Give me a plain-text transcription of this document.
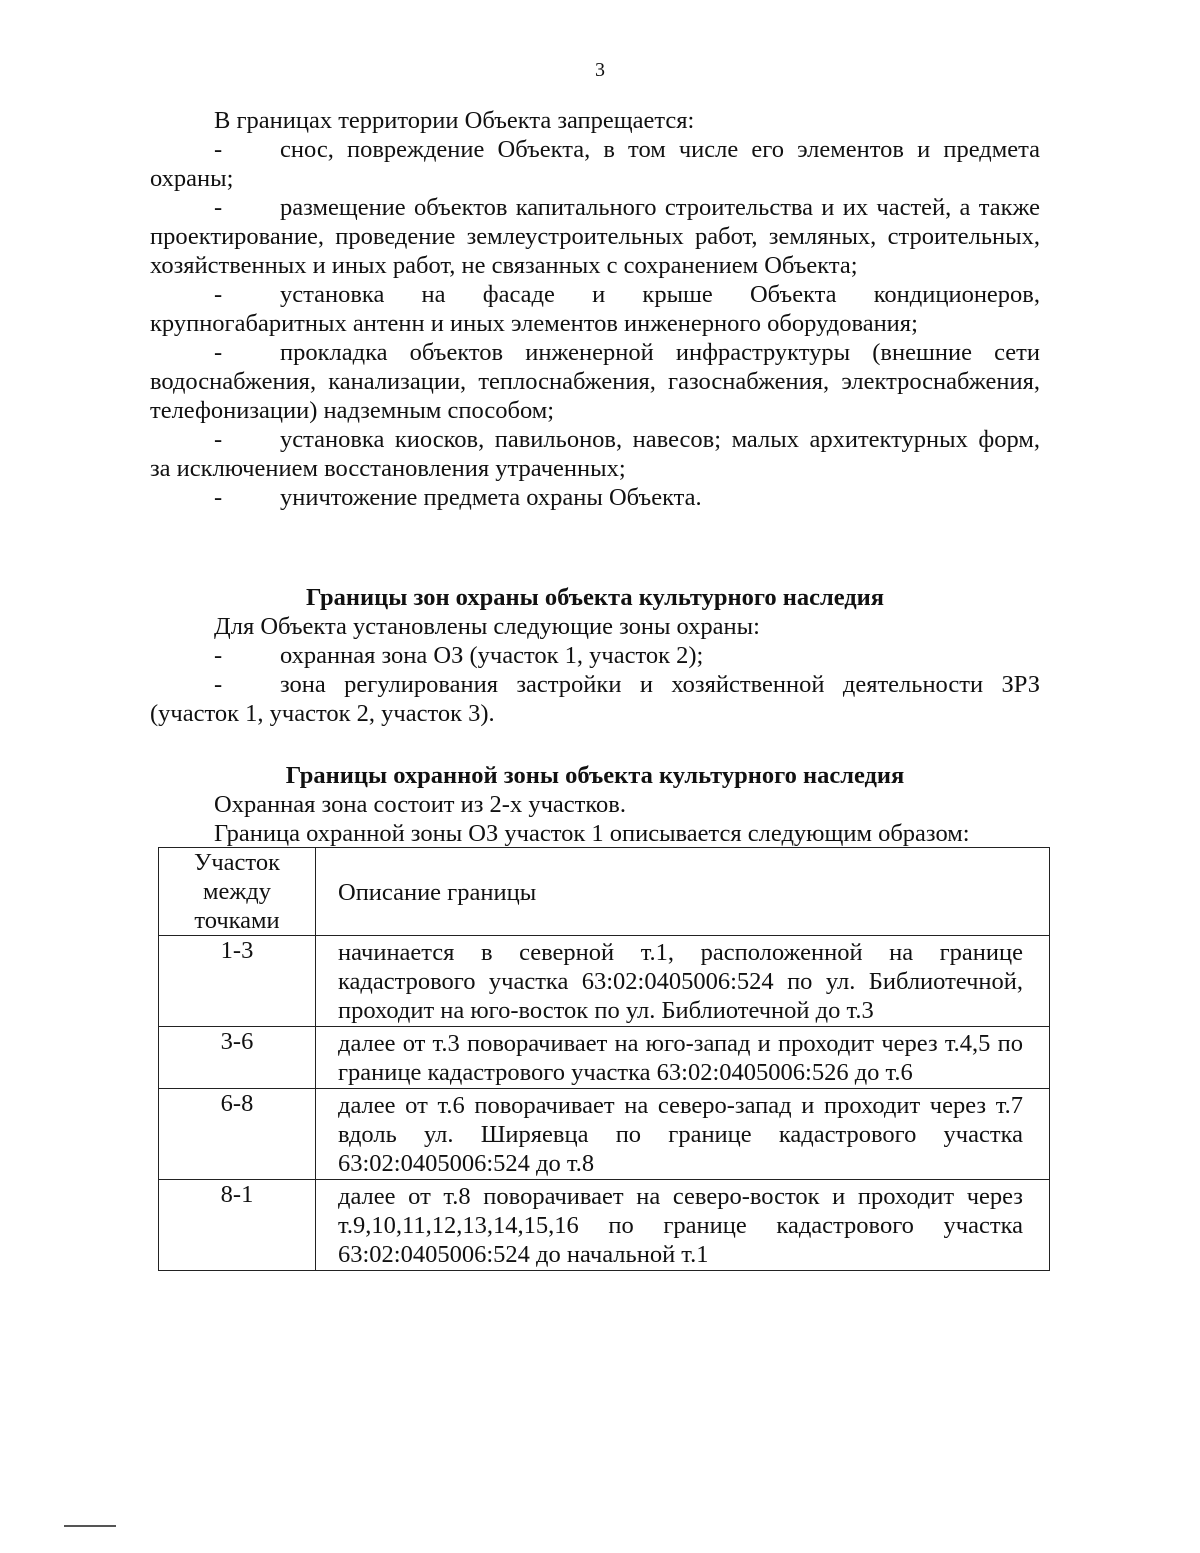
3

В границах территории Объекта запрещается:

- снос, повреждение Объекта, в том числе его элементов и предмета охраны;

- размещение объектов капитального строительства и их частей, а также проектирование, проведение землеустроительных работ, земляных, строительных, хозяйственных и иных работ, не связанных с сохранением Объекта;

- установка на фасаде и крыше Объекта кондиционеров, крупногабаритных антенн и иных элементов инженерного оборудования;

- прокладка объектов инженерной инфраструктуры (внешние сети водоснабжения, канализации, теплоснабжения, газоснабжения, электроснабжения, телефонизации) надземным способом;

- установка киосков, павильонов, навесов; малых архитектурных форм, за исключением восстановления утраченных;

- уничтожение предмета охраны Объекта.

Границы зон охраны объекта культурного наследия

Для Объекта установлены следующие зоны охраны:

- охранная зона ОЗ (участок 1, участок 2);

- зона регулирования застройки и хозяйственной деятельности ЗРЗ (участок 1, участок 2, участок 3).

Границы охранной зоны объекта культурного наследия

Охранная зона состоит из 2-х участков.

Граница охранной зоны ОЗ участок 1 описывается следующим образом:

Участок между точками	Описание границы
1-3	начинается в северной т.1, расположенной на границе кадастрового участка 63:02:0405006:524 по ул. Библиотечной, проходит на юго-восток по ул. Библиотечной до т.3
3-6	далее от т.3 поворачивает на юго-запад и проходит через т.4,5 по границе кадастрового участка 63:02:0405006:526 до т.6
6-8	далее от т.6 поворачивает на северо-запад и проходит через т.7 вдоль ул. Ширяевца по границе кадастрового участка 63:02:0405006:524 до т.8
8-1	далее от т.8 поворачивает на северо-восток и проходит через т.9,10,11,12,13,14,15,16 по границе кадастрового участка 63:02:0405006:524 до начальной т.1
